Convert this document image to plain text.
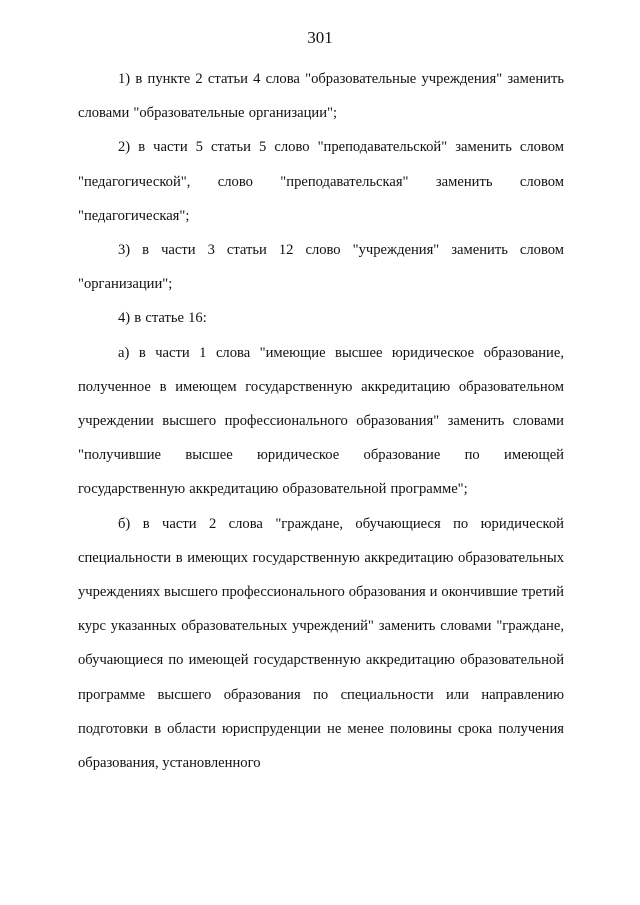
301

1) в пункте 2 статьи 4 слова "образовательные учреждения" заменить словами "образовательные организации";

2) в части 5 статьи 5 слово "преподавательской" заменить словом "педагогической", слово "преподавательская" заменить словом "педагогическая";

3) в части 3 статьи 12 слово "учреждения" заменить словом "организации";

4) в статье 16:

а) в части 1 слова "имеющие высшее юридическое образование, полученное в имеющем государственную аккредитацию образовательном учреждении высшего профессионального образования" заменить словами "получившие высшее юридическое образование по имеющей государственную аккредитацию образовательной программе";

б) в части 2 слова "граждане, обучающиеся по юридической специальности в имеющих государственную аккредитацию образовательных учреждениях высшего профессионального образования и окончившие третий курс указанных образовательных учреждений" заменить словами "граждане, обучающиеся по имеющей государственную аккредитацию образовательной программе высшего образования по специальности или направлению подготовки в области юриспруденции не менее половины срока получения образования, установленного
